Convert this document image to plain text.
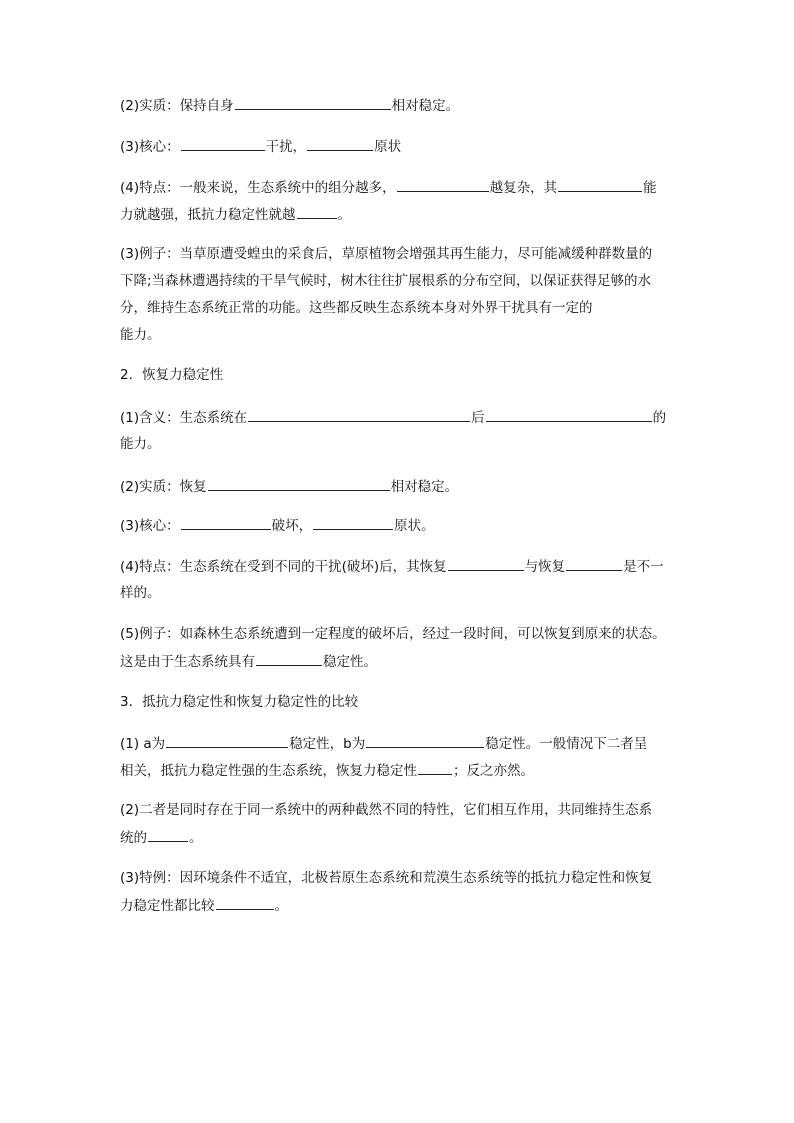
(2)实质：保持自身	相对稳定。
(3)核心：	干扰，	原状
(4)特点：一般来说，生态系统中的组分越多，	越复杂，其	能
力就越强，抵抗力稳定性就越	。
(3)例子：当草原遭受蝗虫的采食后，草原植物会增强其再生能力，尽可能减缓种群数量的
下降;当森林遭遇持续的干旱气候时，树木往往扩展根系的分布空间，以保证获得足够的水
分，维持生态系统正常的功能。这些都反映生态系统本身对外界干扰具有一定的
能力。
2．恢复力稳定性
(1)含义：生态系统在	后	的
能力。
(2)实质：恢复	相对稳定。
(3)核心：	破坏，	原状。
(4)特点：生态系统在受到不同的干扰(破坏)后，其恢复	与恢复	是不一
样的。
(5)例子：如森林生态系统遭到一定程度的破坏后，经过一段时间，可以恢复到原来的状态。
这是由于生态系统具有	稳定性。
3．抵抗力稳定性和恢复力稳定性的比较
(1) a为	稳定性，b为	稳定性。一般情况下二者呈
相关，抵抗力稳定性强的生态系统，恢复力稳定性	；反之亦然。
(2)二者是同时存在于同一系统中的两种截然不同的特性，它们相互作用，共同维持生态系
统的	。
(3)特例：因环境条件不适宜，北极苔原生态系统和荒漠生态系统等的抵抗力稳定性和恢复
力稳定性都比较	。
